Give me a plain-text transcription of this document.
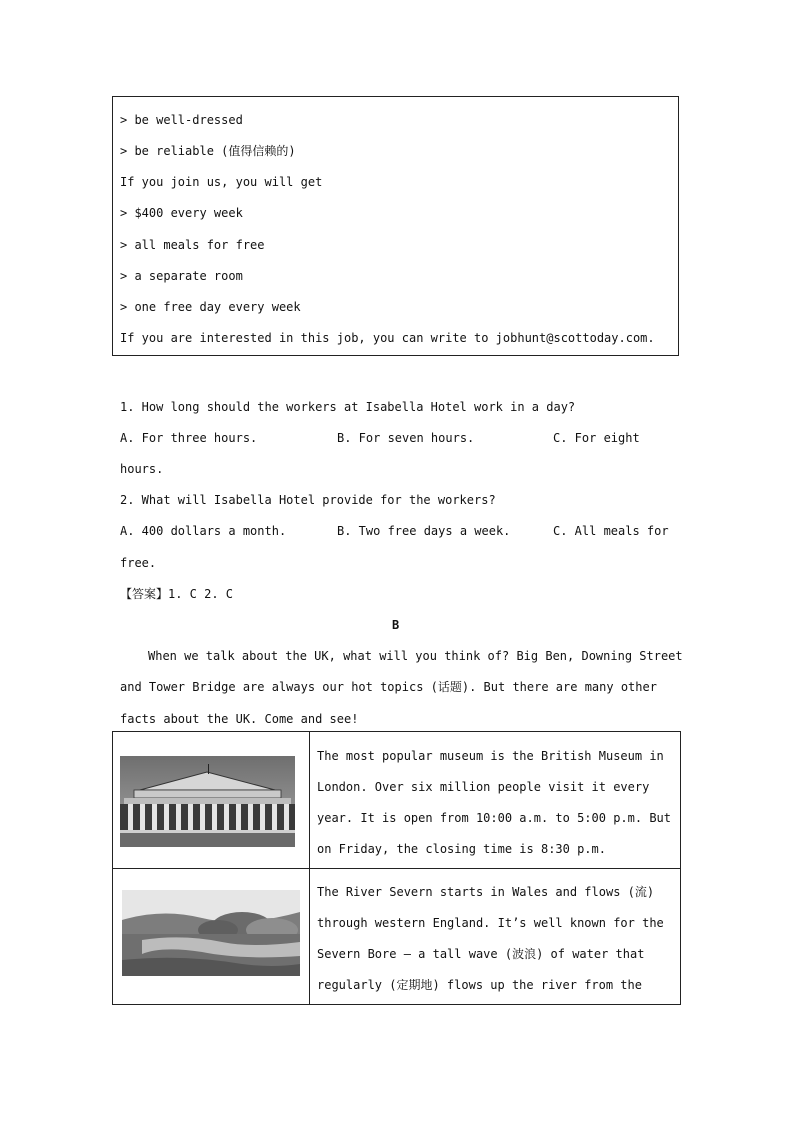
> be well-dressed
> be reliable (值得信赖的)
If you join us, you will get
> $400 every week
> all meals for free
> a separate room
> one free day every week
If you are interested in this job, you can write to jobhunt@scottoday.com.
1. How long should the workers at Isabella Hotel work in a day?
A. For three hours.	B. For seven hours.	C. For eight
hours.
2. What will Isabella Hotel provide for the workers?
A. 400 dollars a month.	B. Two free days a week.	C. All meals for
free.
【答案】1. C 2. C
B
When we talk about the UK, what will you think of? Big Ben, Downing Street
and Tower Bridge are always our hot topics (话题). But there are many other
facts about the UK. Come and see!
The most popular museum is the British Museum in
London. Over six million people visit it every
year. It is open from 10:00 a.m. to 5:00 p.m. But
on Friday, the closing time is 8:30 p.m.
The River Severn starts in Wales and flows (流)
through western England. It’s well known for the
Severn Bore — a tall wave (波浪) of water that
regularly (定期地) flows up the river from the
